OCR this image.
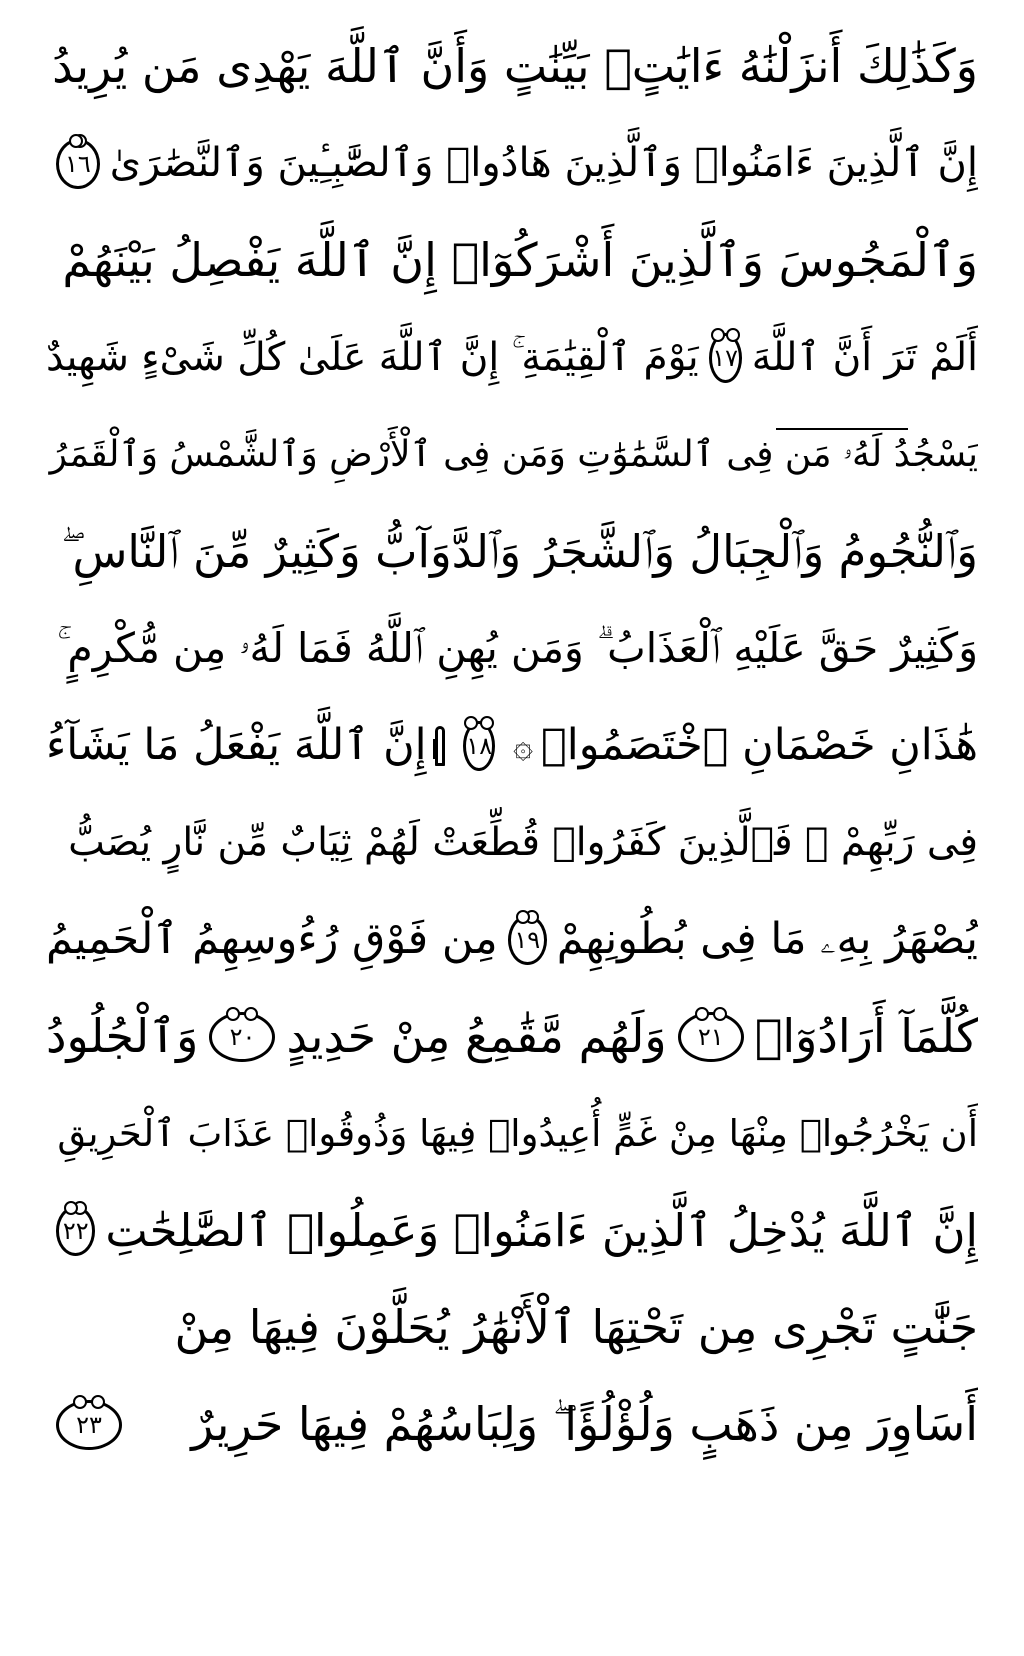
وَكَذَٰلِكَ أَنزَلْنَٰهُ ءَايَٰتٍۭ بَيِّنَٰتٍ وَأَنَّ ٱللَّهَ يَهْدِى مَن يُرِيدُ
إِنَّ ٱلَّذِينَ ءَامَنُوا۟ وَٱلَّذِينَ هَادُوا۟ وَٱلصَّٰبِـِٔينَ وَٱلنَّصَٰرَىٰ
١٦
وَٱلْمَجُوسَ وَٱلَّذِينَ أَشْرَكُوٓا۟ إِنَّ ٱللَّهَ يَفْصِلُ بَيْنَهُمْ
أَلَمْ تَرَ أَنَّ ٱللَّهَ
١٧
يَوْمَ ٱلْقِيَٰمَةِ ۚ إِنَّ ٱللَّهَ عَلَىٰ كُلِّ شَىْءٍ شَهِيدٌ
يَسْجُدُ لَهُۥ مَن فِى ٱلسَّمَٰوَٰتِ وَمَن فِى ٱلْأَرْضِ وَٱلشَّمْسُ وَٱلْقَمَرُ
وَٱلنُّجُومُ وَٱلْجِبَالُ وَٱلشَّجَرُ وَٱلدَّوَآبُّ وَكَثِيرٌ مِّنَ ٱلنَّاسِ ۖ
وَكَثِيرٌ حَقَّ عَلَيْهِ ٱلْعَذَابُ ۗ وَمَن يُهِنِ ٱللَّهُ فَمَا لَهُۥ مِن مُّكْرِمٍ ۚ
هَٰذَانِ خَصْمَانِ ٱخْتَصَمُوا۟
۞
١٨
إِنَّ ٱللَّهَ يَفْعَلُ مَا يَشَآءُ
فِى رَبِّهِمْ ۖ فَٱلَّذِينَ كَفَرُوا۟ قُطِّعَتْ لَهُمْ ثِيَابٌ مِّن نَّارٍ يُصَبُّ
يُصْهَرُ بِهِۦ مَا فِى بُطُونِهِمْ
١٩
مِن فَوْقِ رُءُوسِهِمُ ٱلْحَمِيمُ
كُلَّمَآ أَرَادُوٓا۟
٢١
وَلَهُم مَّقَٰمِعُ مِنْ حَدِيدٍ
٢٠
وَٱلْجُلُودُ
أَن يَخْرُجُوا۟ مِنْهَا مِنْ غَمٍّ أُعِيدُوا۟ فِيهَا وَذُوقُوا۟ عَذَابَ ٱلْحَرِيقِ
إِنَّ ٱللَّهَ يُدْخِلُ ٱلَّذِينَ ءَامَنُوا۟ وَعَمِلُوا۟ ٱلصَّٰلِحَٰتِ
٢٢
جَنَّٰتٍ تَجْرِى مِن تَحْتِهَا ٱلْأَنْهَٰرُ يُحَلَّوْنَ فِيهَا مِنْ
أَسَاوِرَ مِن ذَهَبٍ وَلُؤْلُؤًا ۖ وَلِبَاسُهُمْ فِيهَا حَرِيرٌ
٢٣
